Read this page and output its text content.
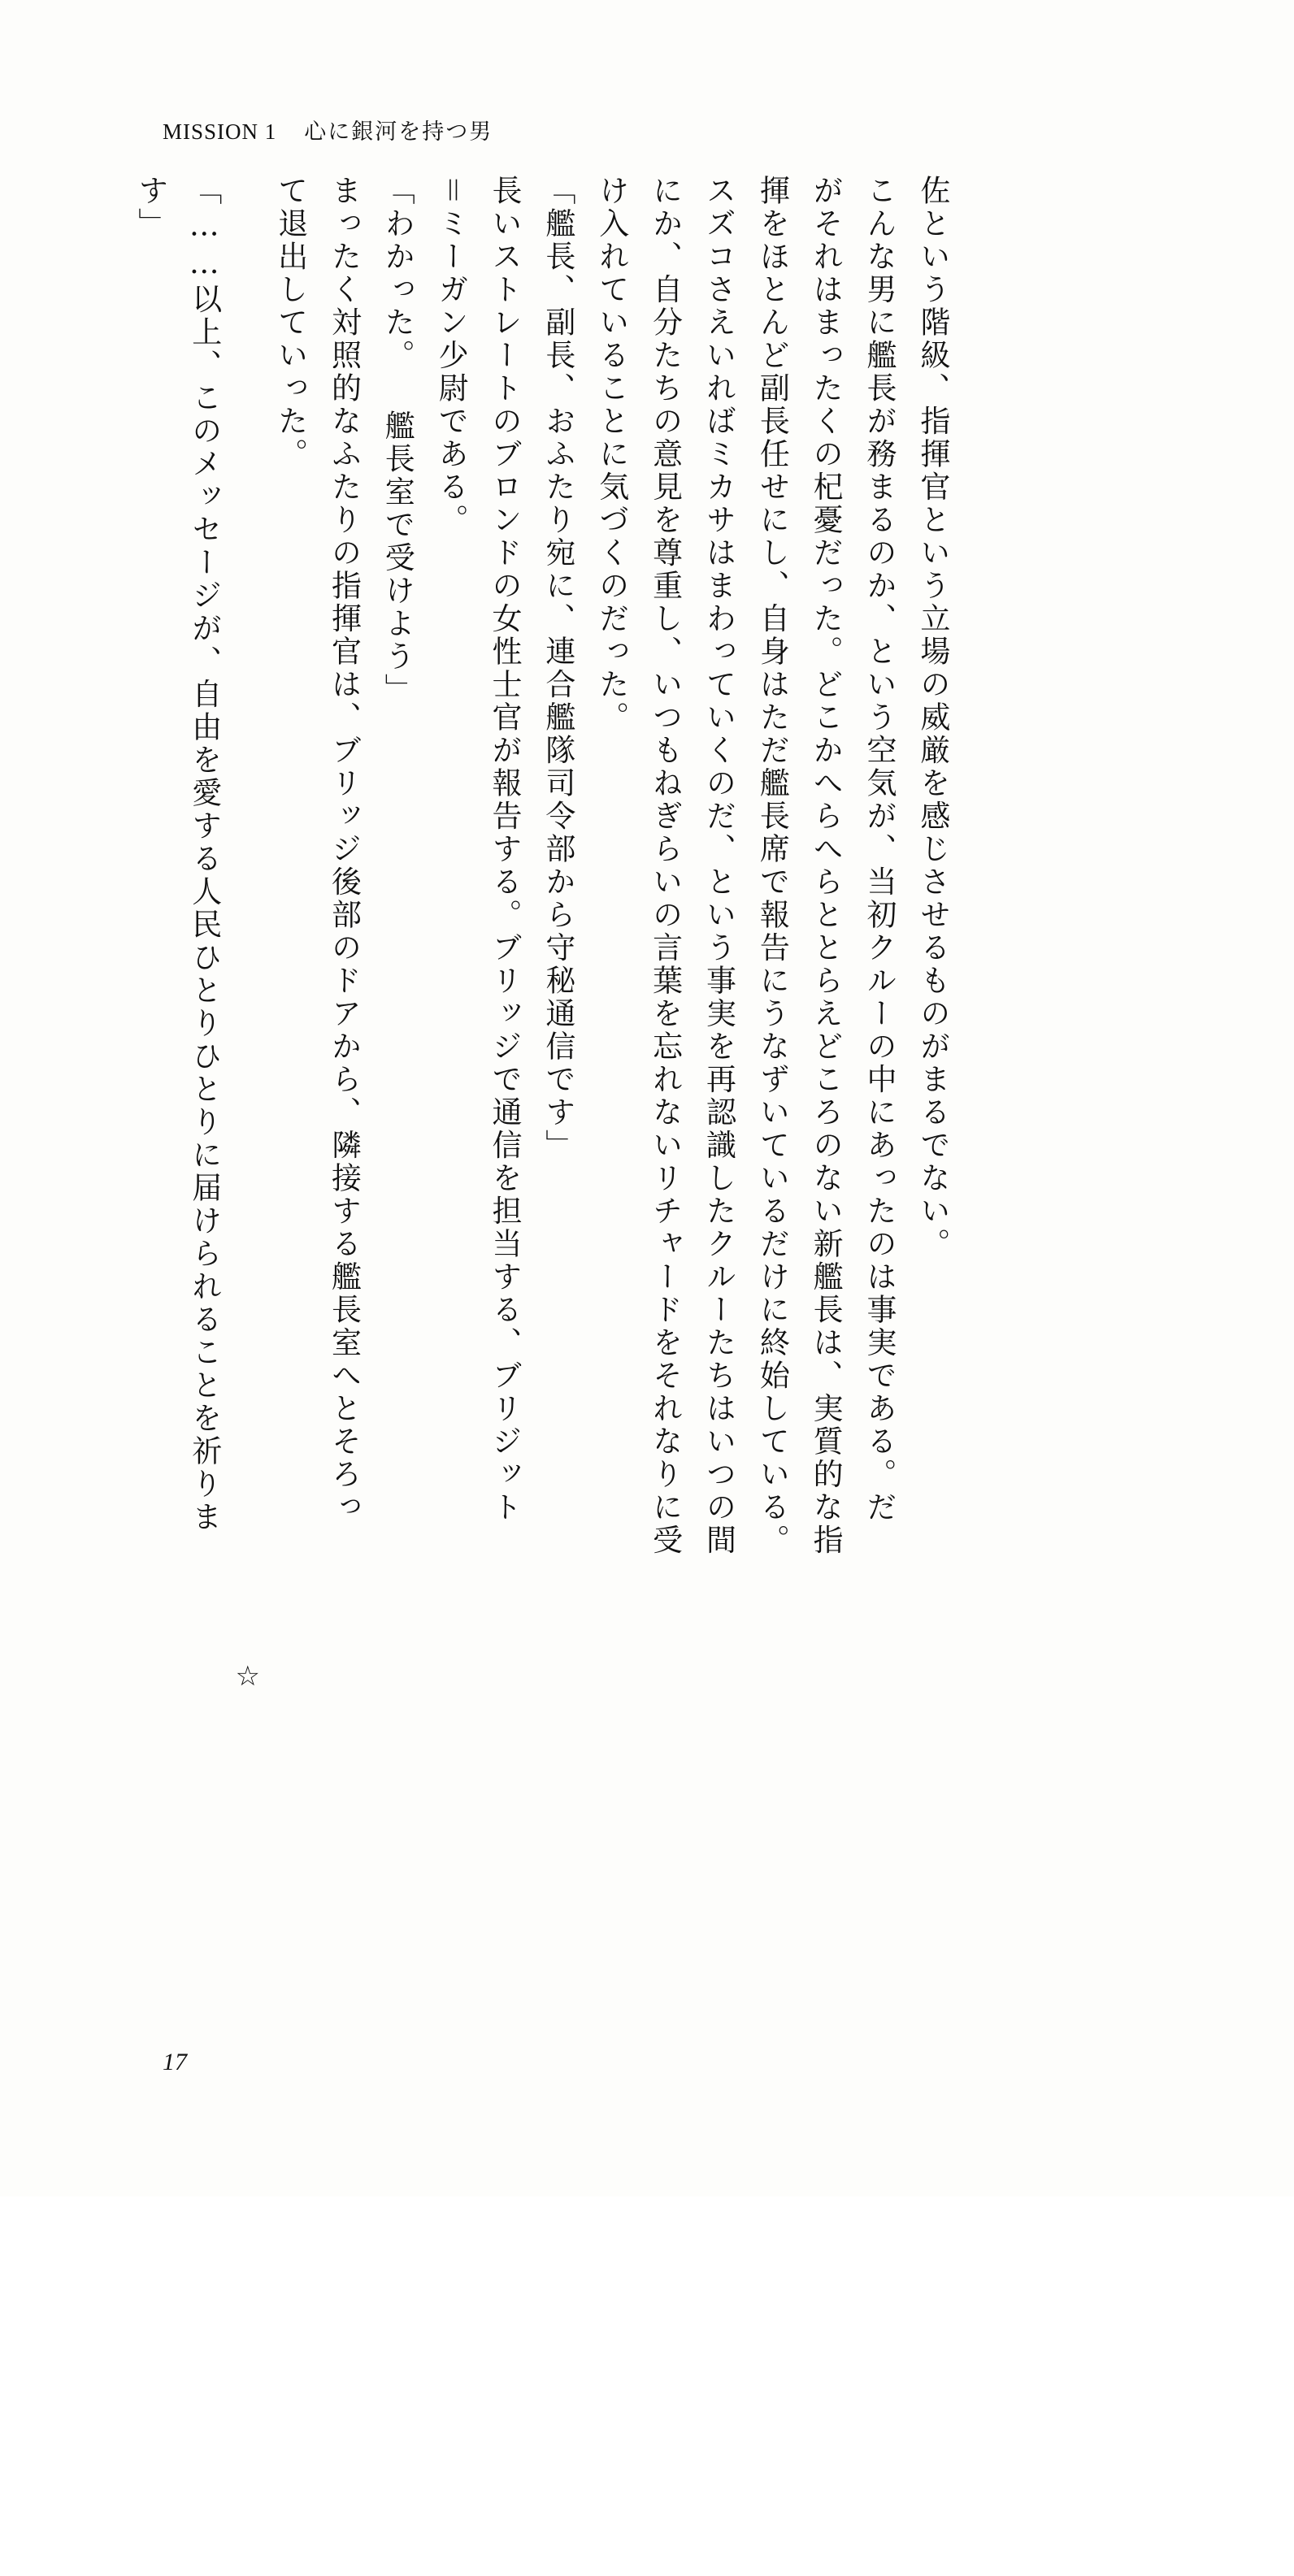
MISSION 1 心に銀河を持つ男
す」 「……以上、このメッセージが、自由を愛する人民ひとりひとりに届けられることを祈りま
☆
て退出していった。 まったく対照的なふたりの指揮官は、ブリッジ後部のドアから、隣接する艦長室へとそろっ 「わかった。 艦長室で受けよう」 ＝ミーガン少尉である。 長いストレートのブロンドの女性士官が報告する。ブリッジで通信を担当する、ブリジット 「艦長、副長、おふたり宛に、連合艦隊司令部から守秘通信です」 け入れていることに気づくのだった。 にか、自分たちの意見を尊重し、いつもねぎらいの言葉を忘れないリチャードをそれなりに受 スズコさえいればミカサはまわっていくのだ、という事実を再認識したクルーたちはいつの間 揮をほとんど副長任せにし、自身はただ艦長席で報告にうなずいているだけに終始している。 がそれはまったくの杞憂だった。どこかへらへらととらえどころのない新艦長は、実質的な指 こんな男に艦長が務まるのか、という空気が、当初クルーの中にあったのは事実である。だ 佐という階級、指揮官という立場の威厳を感じさせるものがまるでない。
17
